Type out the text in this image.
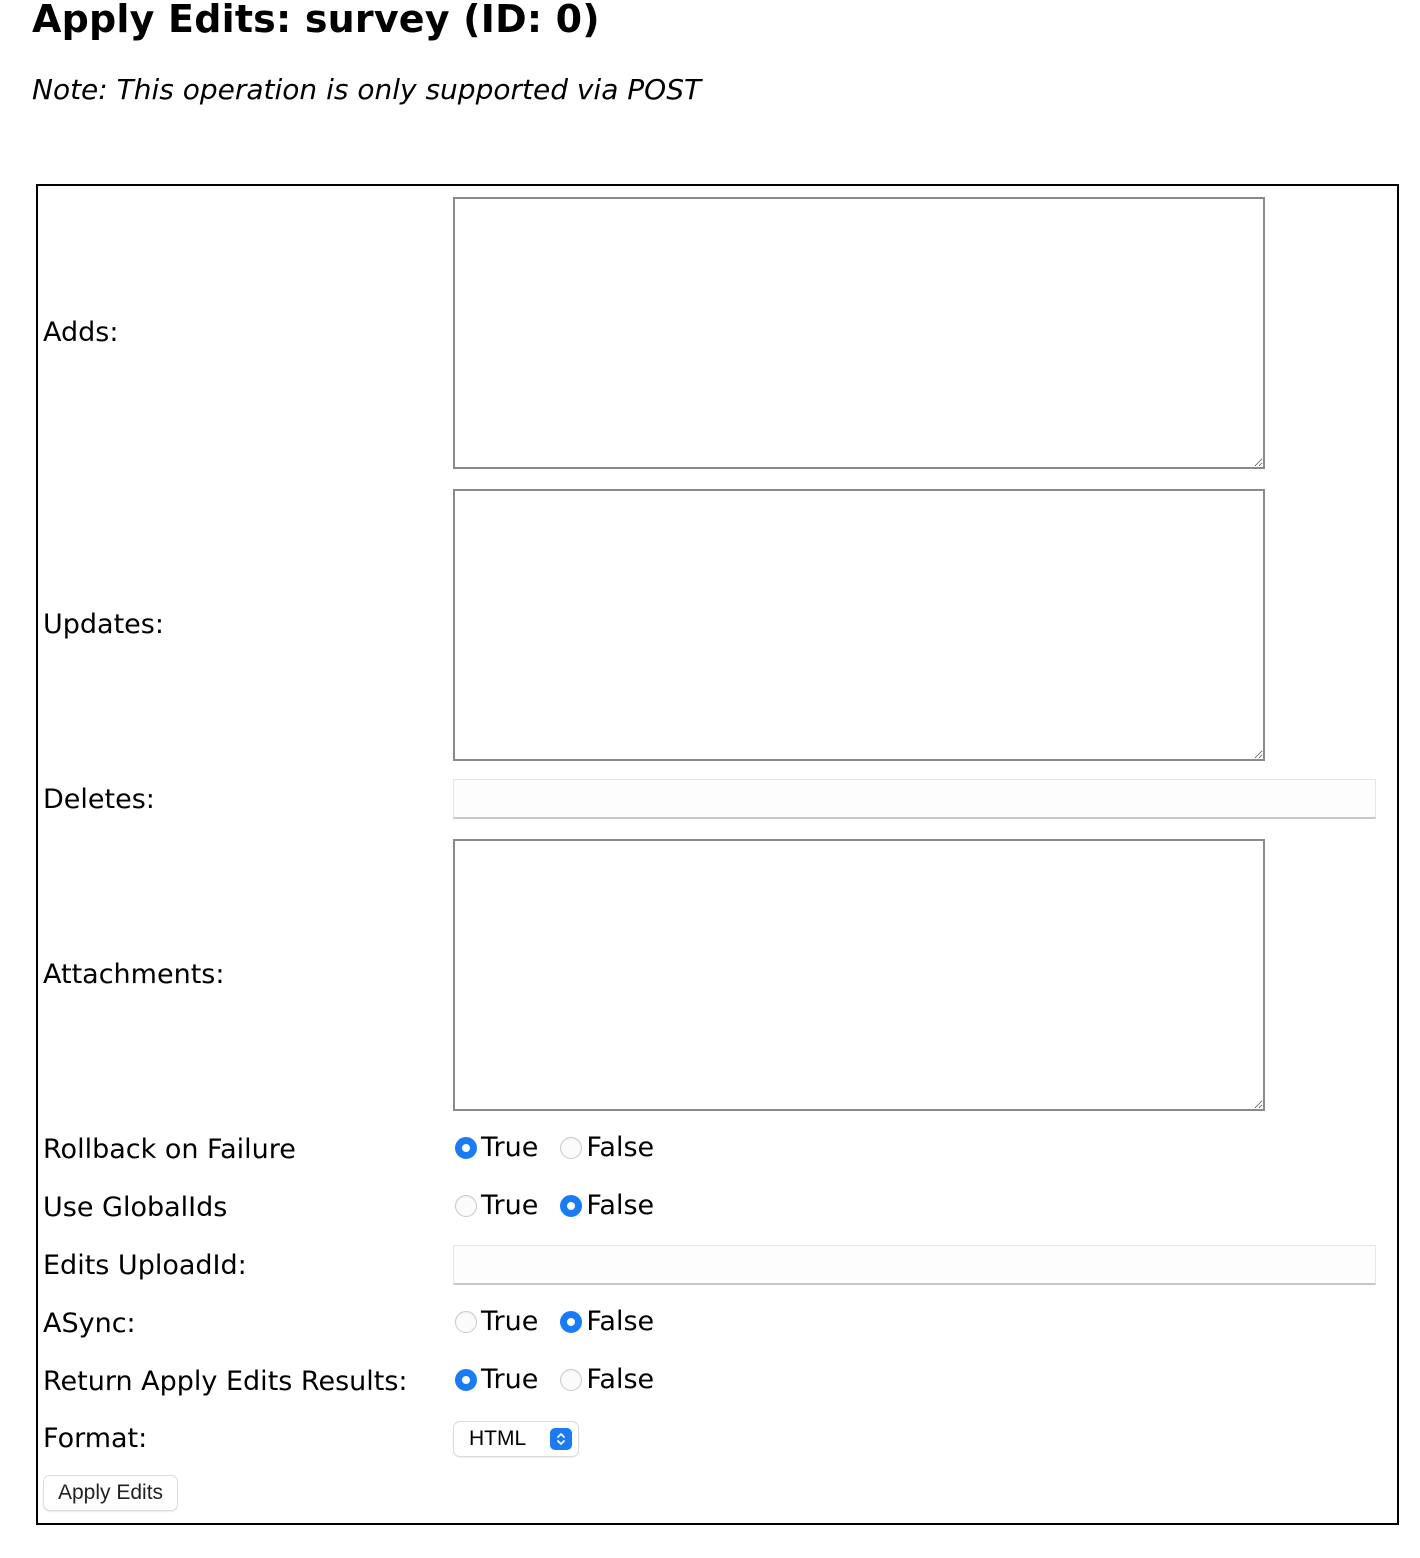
Apply Edits: survey (ID: 0)

Note: This operation is only supported via POST

Adds:
Updates:
Deletes:
Attachments:
Rollback on Failure	True False
Use GlobalIds	True False
Edits UploadId:
ASync:	True False
Return Apply Edits Results:	True False
Format:	HTML
Apply Edits
